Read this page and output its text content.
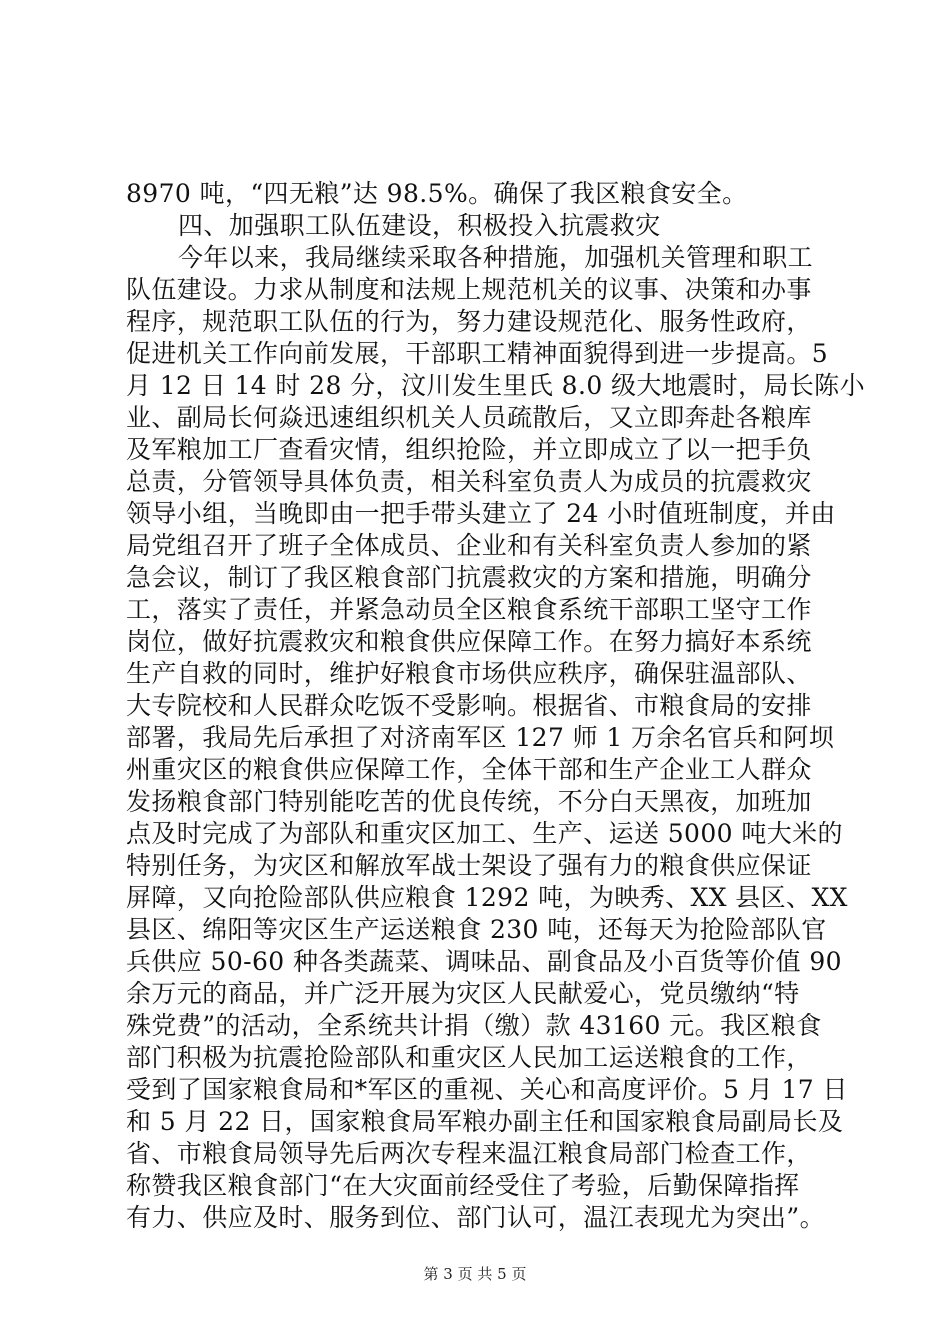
8970 吨，“四无粮”达 98.5%。确保了我区粮食安全。
四、加强职工队伍建设，积极投入抗震救灾
今年以来，我局继续采取各种措施，加强机关管理和职工
队伍建设。力求从制度和法规上规范机关的议事、决策和办事
程序，规范职工队伍的行为，努力建设规范化、服务性政府，
促进机关工作向前发展，干部职工精神面貌得到进一步提高。5
月 12 日 14 时 28 分，汶川发生里氏 8.0 级大地震时，局长陈小
业、副局长何焱迅速组织机关人员疏散后，又立即奔赴各粮库
及军粮加工厂查看灾情，组织抢险，并立即成立了以一把手负
总责，分管领导具体负责，相关科室负责人为成员的抗震救灾
领导小组，当晚即由一把手带头建立了 24 小时值班制度，并由
局党组召开了班子全体成员、企业和有关科室负责人参加的紧
急会议，制订了我区粮食部门抗震救灾的方案和措施，明确分
工，落实了责任，并紧急动员全区粮食系统干部职工坚守工作
岗位，做好抗震救灾和粮食供应保障工作。在努力搞好本系统
生产自救的同时，维护好粮食市场供应秩序，确保驻温部队、
大专院校和人民群众吃饭不受影响。根据省、市粮食局的安排
部署，我局先后承担了对济南军区 127 师 1 万余名官兵和阿坝
州重灾区的粮食供应保障工作，全体干部和生产企业工人群众
发扬粮食部门特别能吃苦的优良传统，不分白天黑夜，加班加
点及时完成了为部队和重灾区加工、生产、运送 5000 吨大米的
特别任务，为灾区和解放军战士架设了强有力的粮食供应保证
屏障，又向抢险部队供应粮食 1292 吨，为映秀、XX 县区、XX
县区、绵阳等灾区生产运送粮食 230 吨，还每天为抢险部队官
兵供应 50-60 种各类蔬菜、调味品、副食品及小百货等价值 90
余万元的商品，并广泛开展为灾区人民献爱心，党员缴纳“特
殊党费”的活动，全系统共计捐（缴）款 43160 元。我区粮食
部门积极为抗震抢险部队和重灾区人民加工运送粮食的工作，
受到了国家粮食局和*军区的重视、关心和高度评价。5 月 17 日
和 5 月 22 日，国家粮食局军粮办副主任和国家粮食局副局长及
省、市粮食局领导先后两次专程来温江粮食局部门检查工作，
称赞我区粮食部门“在大灾面前经受住了考验，后勤保障指挥
有力、供应及时、服务到位、部门认可，温江表现尤为突出”。
第 3 页 共 5 页
